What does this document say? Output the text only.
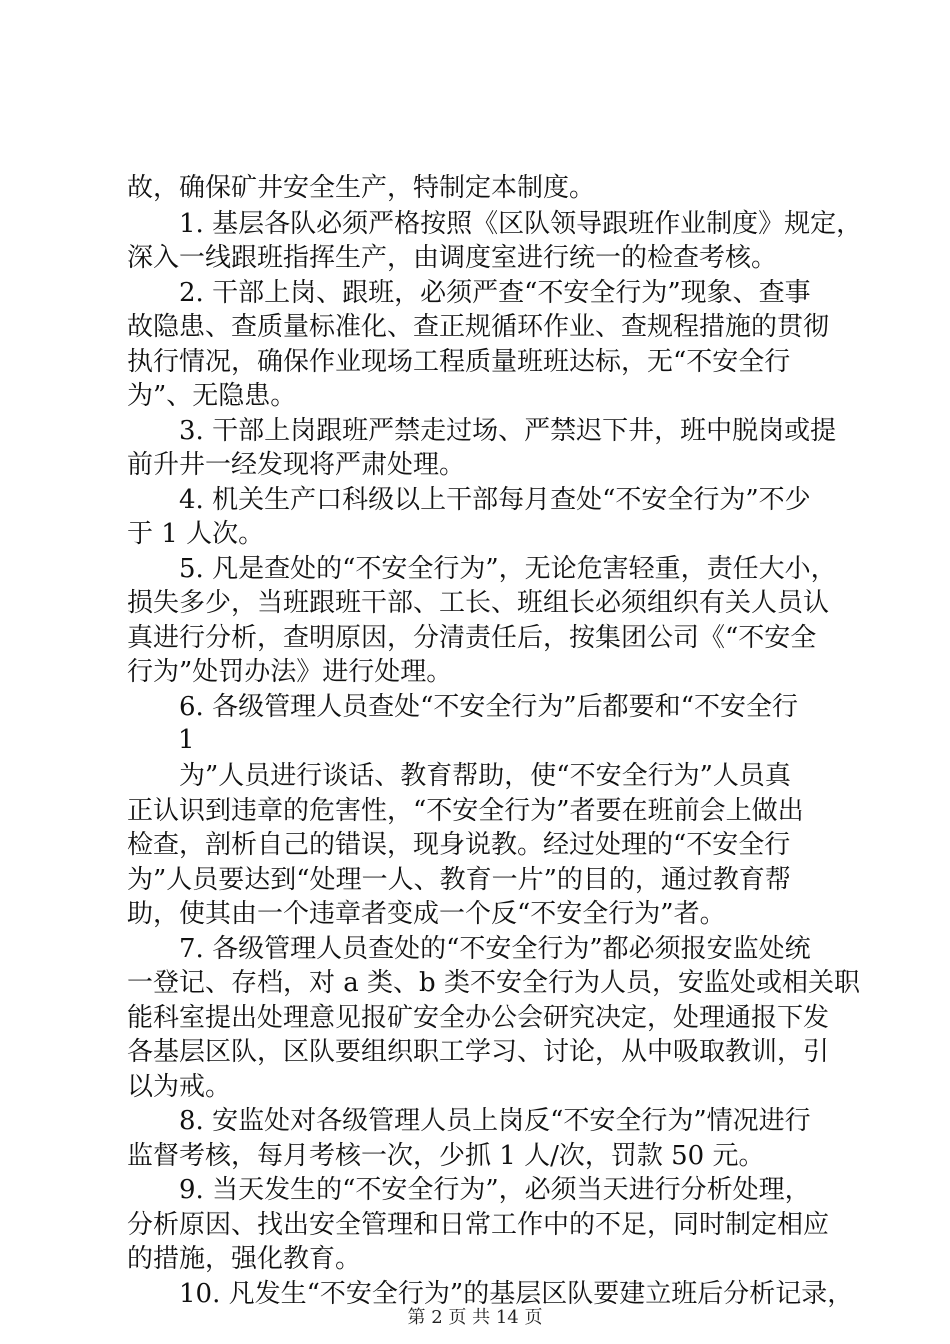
故，确保矿井安全生产，特制定本制度。
1. 基层各队必须严格按照《区队领导跟班作业制度》规定，
深入一线跟班指挥生产，由调度室进行统一的检查考核。
2. 干部上岗、跟班，必须严查“不安全行为”现象、查事
故隐患、查质量标准化、查正规循环作业、查规程措施的贯彻
执行情况，确保作业现场工程质量班班达标，无“不安全行
为”、无隐患。
3. 干部上岗跟班严禁走过场、严禁迟下井，班中脱岗或提
前升井一经发现将严肃处理。
4. 机关生产口科级以上干部每月查处“不安全行为”不少
于 1 人次。
5. 凡是查处的“不安全行为”，无论危害轻重，责任大小，
损失多少，当班跟班干部、工长、班组长必须组织有关人员认
真进行分析，查明原因，分清责任后，按集团公司《“不安全
行为”处罚办法》进行处理。
6. 各级管理人员查处“不安全行为”后都要和“不安全行
1
为”人员进行谈话、教育帮助，使“不安全行为”人员真
正认识到违章的危害性，“不安全行为”者要在班前会上做出
检查，剖析自己的错误，现身说教。经过处理的“不安全行
为”人员要达到“处理一人、教育一片”的目的，通过教育帮
助，使其由一个违章者变成一个反“不安全行为”者。
7. 各级管理人员查处的“不安全行为”都必须报安监处统
一登记、存档，对 a 类、b 类不安全行为人员，安监处或相关职
能科室提出处理意见报矿安全办公会研究决定，处理通报下发
各基层区队，区队要组织职工学习、讨论，从中吸取教训，引
以为戒。
8. 安监处对各级管理人员上岗反“不安全行为”情况进行
监督考核，每月考核一次，少抓 1 人/次，罚款 50 元。
9. 当天发生的“不安全行为”，必须当天进行分析处理，
分析原因、找出安全管理和日常工作中的不足，同时制定相应
的措施，强化教育。
10. 凡发生“不安全行为”的基层区队要建立班后分析记录，
第 2 页 共 14 页
